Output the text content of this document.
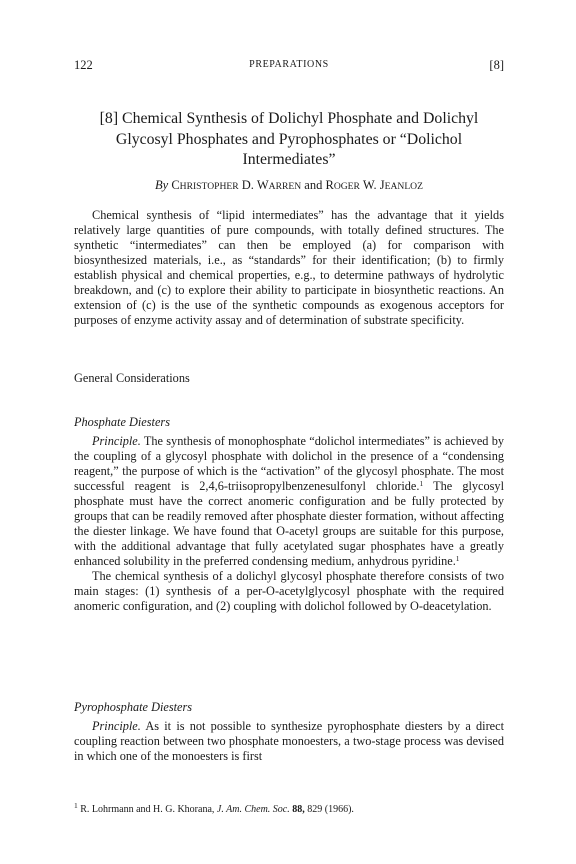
122	PREPARATIONS	[8]
[8] Chemical Synthesis of Dolichyl Phosphate and Dolichyl
Glycosyl Phosphates and Pyrophosphates or “Dolichol
Intermediates”
By CHRISTOPHER D. WARREN and ROGER W. JEANLOZ

Chemical synthesis of “lipid intermediates” has the advantage that it yields relatively large quantities of pure compounds, with totally defined structures. The synthetic “intermediates” can then be employed (a) for comparison with biosynthesized materials, i.e., as “standards” for their identification; (b) to firmly establish physical and chemical properties, e.g., to determine pathways of hydrolytic breakdown, and (c) to explore their ability to participate in biosynthetic reactions. An extension of (c) is the use of the synthetic compounds as exogenous acceptors for purposes of enzyme activity assay and of determination of substrate specificity.

General Considerations
Phosphate Diesters

Principle. The synthesis of monophosphate “dolichol intermediates” is achieved by the coupling of a glycosyl phosphate with dolichol in the presence of a “condensing reagent,” the purpose of which is the “activation” of the glycosyl phosphate. The most successful reagent is 2,4,6-triisopropylbenzenesulfonyl chloride.$^1$ The glycosyl phosphate must have the correct anomeric configuration and be fully protected by groups that can be readily removed after phosphate diester formation, without affecting the diester linkage. We have found that O-acetyl groups are suitable for this purpose, with the additional advantage that fully acetylated sugar phosphates have a greatly enhanced solubility in the preferred condensing medium, anhydrous pyridine.$^1$

The chemical synthesis of a dolichyl glycosyl phosphate therefore consists of two main stages: (1) synthesis of a per-O-acetylglycosyl phosphate with the required anomeric configuration, and (2) coupling with dolichol followed by O-deacetylation.

Pyrophosphate Diesters

Principle. As it is not possible to synthesize pyrophosphate diesters by a direct coupling reaction between two phosphate monoesters, a two-stage process was devised in which one of the monoesters is first

$^1$ R. Lohrmann and H. G. Khorana, J. Am. Chem. Soc. 88, 829 (1966).
